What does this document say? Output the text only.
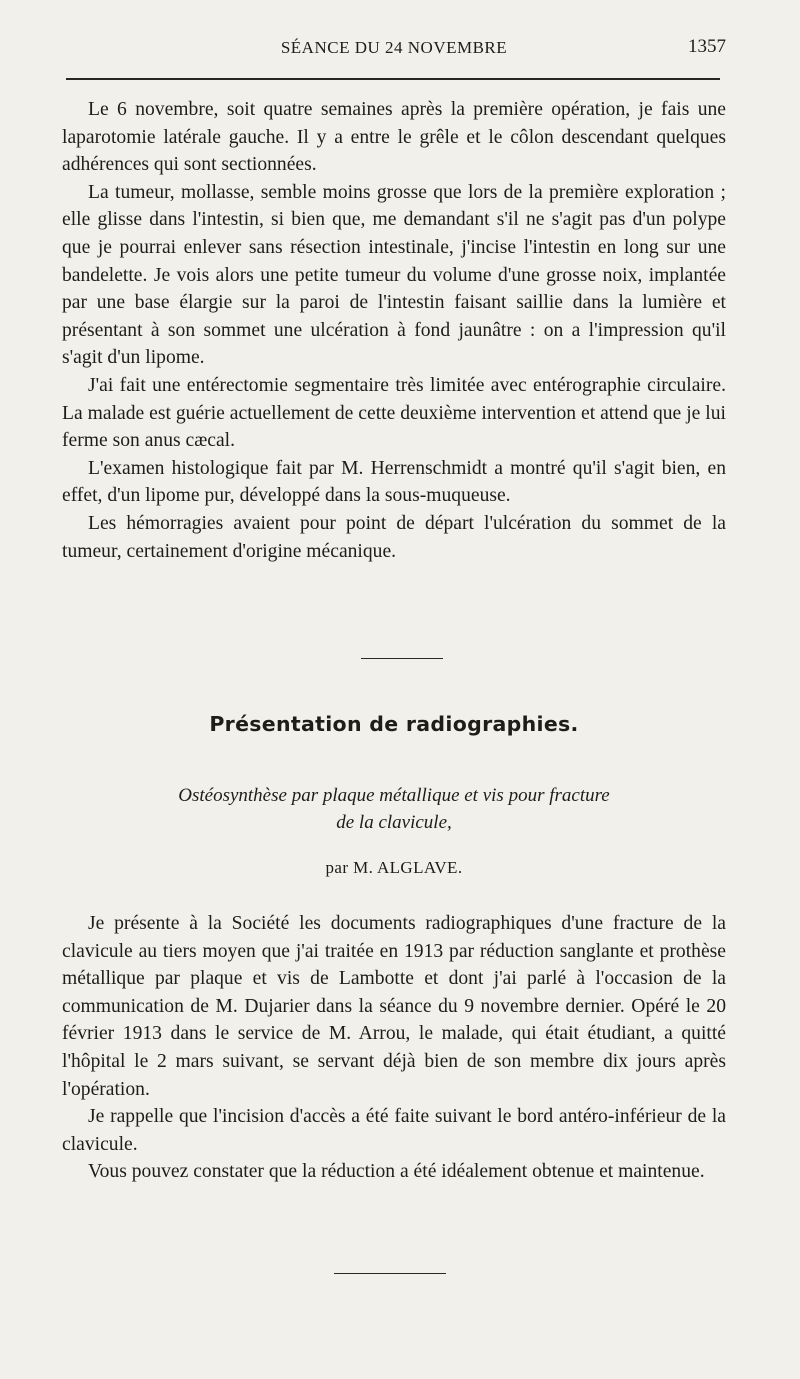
SÉANCE DU 24 NOVEMBRE	1357

Le 6 novembre, soit quatre semaines après la première opération, je fais une laparotomie latérale gauche. Il y a entre le grêle et le côlon descendant quelques adhérences qui sont sectionnées.

La tumeur, mollasse, semble moins grosse que lors de la première exploration ; elle glisse dans l'intestin, si bien que, me demandant s'il ne s'agit pas d'un polype que je pourrai enlever sans résection intestinale, j'incise l'intestin en long sur une bandelette. Je vois alors une petite tumeur du volume d'une grosse noix, implantée par une base élargie sur la paroi de l'intestin faisant saillie dans la lumière et présentant à son sommet une ulcération à fond jaunâtre : on a l'impression qu'il s'agit d'un lipome.

J'ai fait une entérectomie segmentaire très limitée avec entérographie circulaire. La malade est guérie actuellement de cette deuxième intervention et attend que je lui ferme son anus cæcal.

L'examen histologique fait par M. Herrenschmidt a montré qu'il s'agit bien, en effet, d'un lipome pur, développé dans la sous-muqueuse.

Les hémorragies avaient pour point de départ l'ulcération du sommet de la tumeur, certainement d'origine mécanique.

Présentation de radiographies.
Ostéosynthèse par plaque métallique et vis pour fracture
de la clavicule,
par M. ALGLAVE.

Je présente à la Société les documents radiographiques d'une fracture de la clavicule au tiers moyen que j'ai traitée en 1913 par réduction sanglante et prothèse métallique par plaque et vis de Lambotte et dont j'ai parlé à l'occasion de la communication de M. Dujarier dans la séance du 9 novembre dernier. Opéré le 20 février 1913 dans le service de M. Arrou, le malade, qui était étudiant, a quitté l'hôpital le 2 mars suivant, se servant déjà bien de son membre dix jours après l'opération.

Je rappelle que l'incision d'accès a été faite suivant le bord antéro-inférieur de la clavicule.

Vous pouvez constater que la réduction a été idéalement obtenue et maintenue.
